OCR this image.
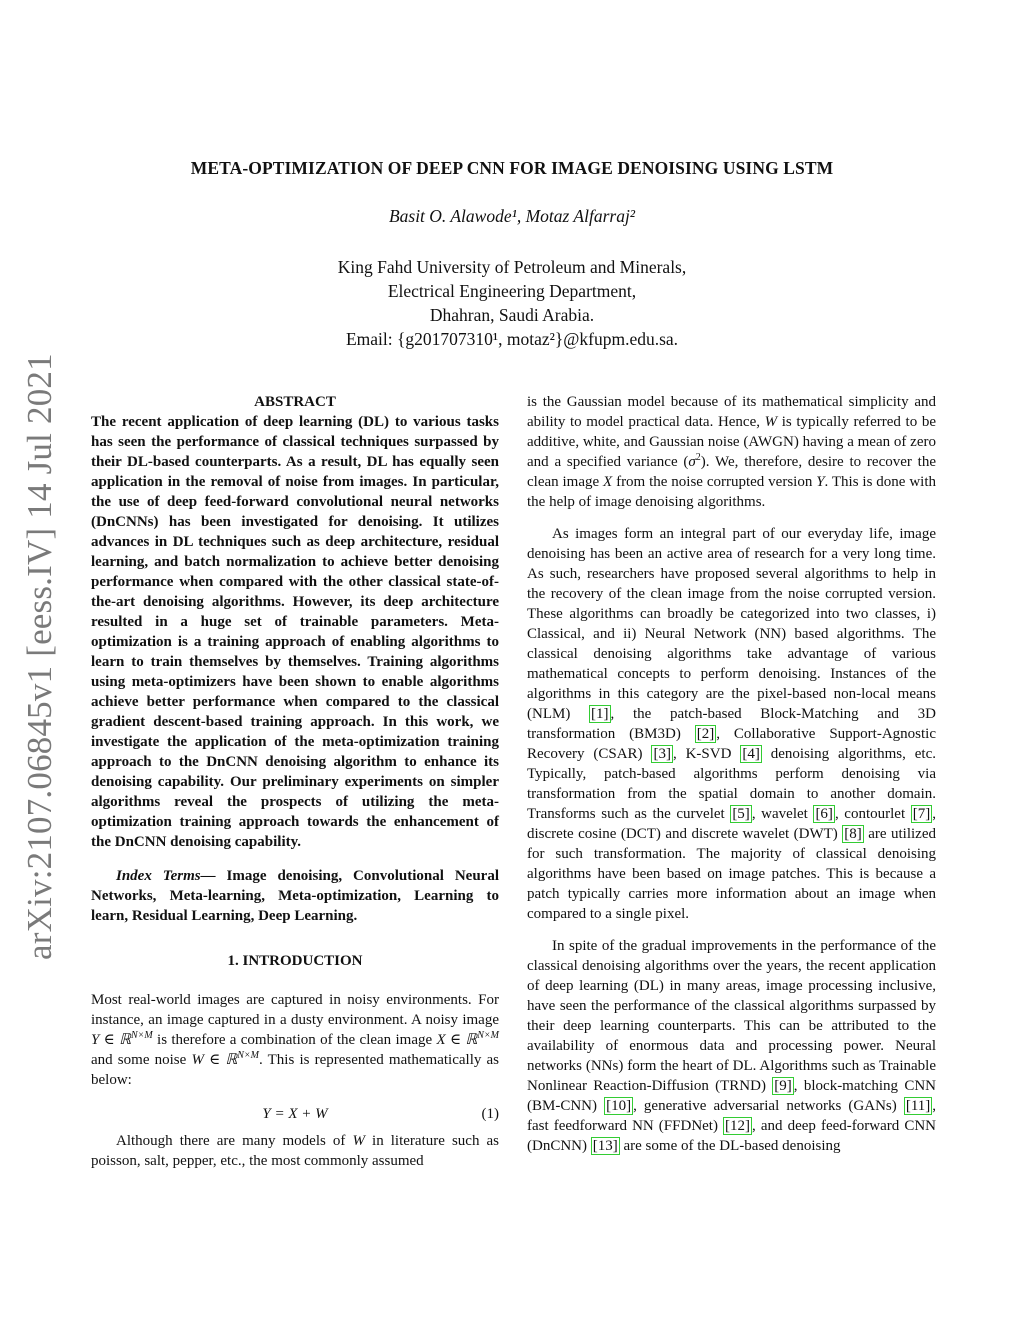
META-OPTIMIZATION OF DEEP CNN FOR IMAGE DENOISING USING LSTM
Basit O. Alawode¹, Motaz Alfarraj²
King Fahd University of Petroleum and Minerals,
Electrical Engineering Department,
Dhahran, Saudi Arabia.
Email: {g201707310¹, motaz²}@kfupm.edu.sa.
arXiv:2107.06845v1 [eess.IV] 14 Jul 2021	ABSTRACT

The recent application of deep learning (DL) to various tasks has seen the performance of classical techniques surpassed by their DL-based counterparts. As a result, DL has equally seen application in the removal of noise from images. In particular, the use of deep feed-forward convolutional neural networks (DnCNNs) has been investigated for denoising. It utilizes advances in DL techniques such as deep architecture, residual learning, and batch normalization to achieve better denoising performance when compared with the other classical state-of-the-art denoising algorithms. However, its deep architecture resulted in a huge set of trainable parameters. Meta-optimization is a training approach of enabling algorithms to learn to train themselves by themselves. Training algorithms using meta-optimizers have been shown to enable algorithms achieve better performance when compared to the classical gradient descent-based training approach. In this work, we investigate the application of the meta-optimization training approach to the DnCNN denoising algorithm to enhance its denoising capability. Our preliminary experiments on simpler algorithms reveal the prospects of utilizing the meta-optimization training approach towards the enhancement of the DnCNN denoising capability.

Index Terms— Image denoising, Convolutional Neural Networks, Meta-learning, Meta-optimization, Learning to learn, Residual Learning, Deep Learning.

1. INTRODUCTION

Most real-world images are captured in noisy environments. For instance, an image captured in a dusty environment. A noisy image Y ∈ ℝ$^{N\times M}$ is therefore a combination of the clean image X ∈ ℝ$^{N\times M}$ and some noise W ∈ ℝ$^{N\times M}$. This is represented mathematically as below:

Y = X + W	(1)

Although there are many models of W in literature such as poisson, salt, pepper, etc., the most commonly assumed

is the Gaussian model because of its mathematical simplicity and ability to model practical data. Hence, W is typically referred to be additive, white, and Gaussian noise (AWGN) having a mean of zero and a specified variance $(\sigma^2)$. We, therefore, desire to recover the clean image X from the noise corrupted version Y. This is done with the help of image denoising algorithms.

As images form an integral part of our everyday life, image denoising has been an active area of research for a very long time. As such, researchers have proposed several algorithms to help in the recovery of the clean image from the noise corrupted version. These algorithms can broadly be categorized into two classes, i) Classical, and ii) Neural Network (NN) based algorithms. The classical denoising algorithms take advantage of various mathematical concepts to perform denoising. Instances of the algorithms in this category are the pixel-based non-local means (NLM) [1] , the patch-based Block-Matching and 3D transformation (BM3D) [2] , Collaborative Support-Agnostic Recovery (CSAR) [3] , K-SVD [4] denoising algorithms, etc. Typically, patch-based algorithms perform denoising via transformation from the spatial domain to another domain. Transforms such as the curvelet [5] , wavelet [6] , contourlet [7] , discrete cosine (DCT) and discrete wavelet (DWT) [8] are utilized for such transformation. The majority of classical denoising algorithms have been based on image patches. This is because a patch typically carries more information about an image when compared to a single pixel.

In spite of the gradual improvements in the performance of the classical denoising algorithms over the years, the recent application of deep learning (DL) in many areas, image processing inclusive, have seen the performance of the classical algorithms surpassed by their deep learning counterparts. This can be attributed to the availability of enormous data and processing power. Neural networks (NNs) form the heart of DL. Algorithms such as Trainable Nonlinear Reaction-Diffusion (TRND) [9] , block-matching CNN (BM-CNN) [10] , generative adversarial networks (GANs) [11] , fast feedforward NN (FFDNet) [12] , and deep feed-forward CNN (DnCNN) [13] are some of the DL-based denoising
